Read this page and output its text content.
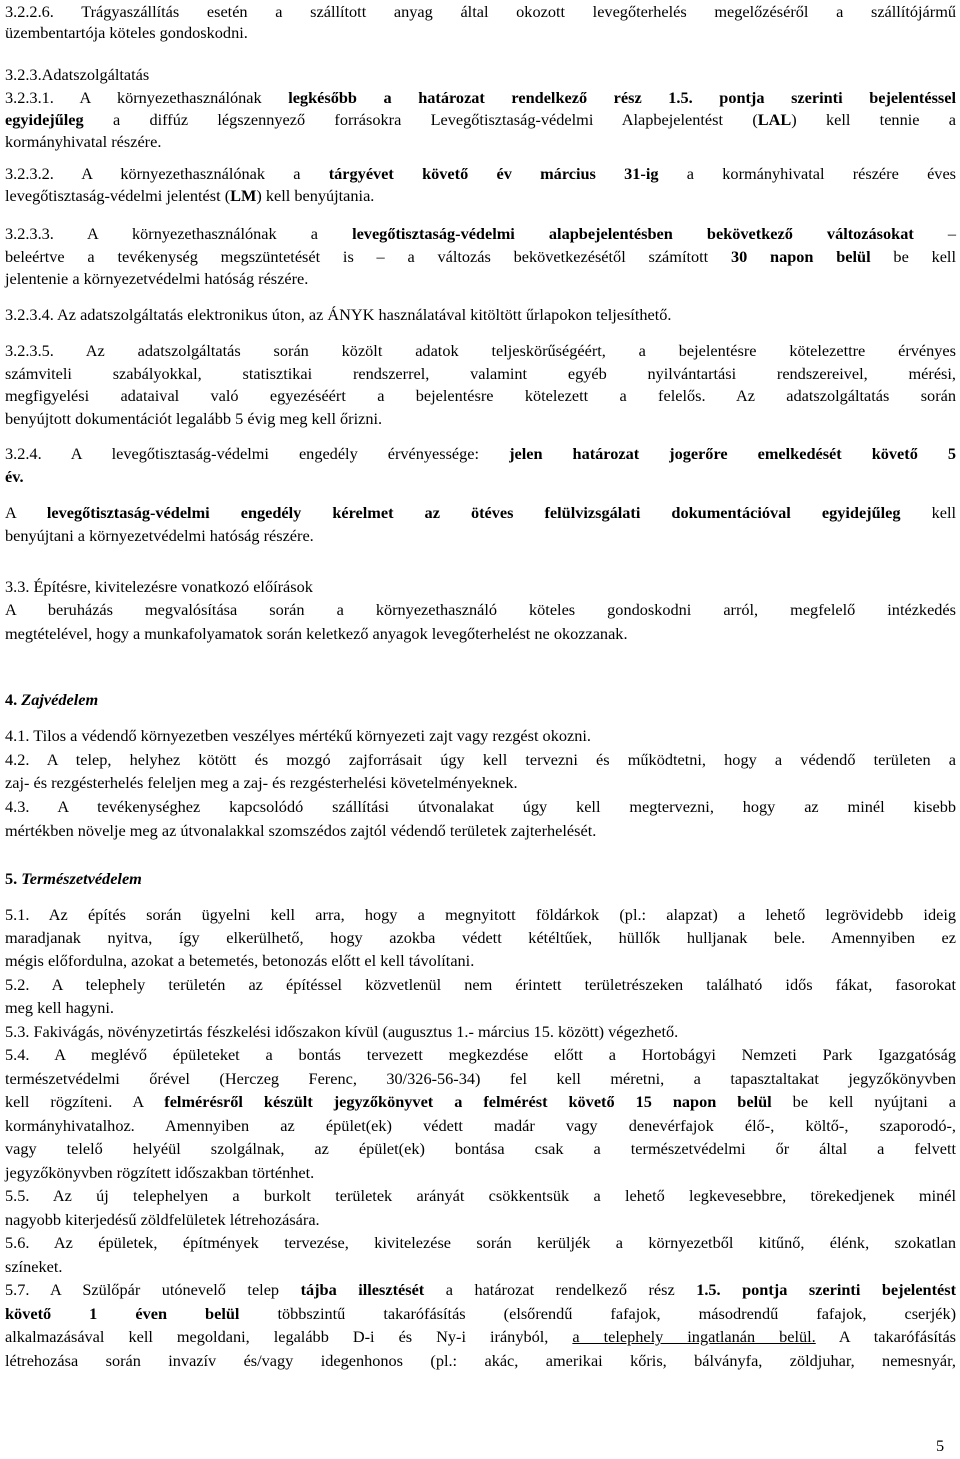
3.2.2.6. Trágyaszállítás esetén a szállított anyag által okozott levegőterhelés megelőzéséről a szállítójármű
üzembentartója köteles gondoskodni.
3.2.3.Adatszolgáltatás
3.2.3.1. A környezethasználónak legkésőbb a határozat rendelkező rész 1.5. pontja szerinti bejelentéssel
egyidejűleg a diffúz légszennyező forrásokra Levegőtisztaság-védelmi Alapbejelentést (LAL) kell tennie a
kormányhivatal részére.
3.2.3.2. A környezethasználónak a tárgyévet követő év március 31-ig a kormányhivatal részére éves
levegőtisztaság-védelmi jelentést (LM) kell benyújtania.
3.2.3.3. A környezethasználónak a levegőtisztaság-védelmi alapbejelentésben bekövetkező változásokat –
beleértve a tevékenység megszüntetését is – a változás bekövetkezésétől számított 30 napon belül be kell
jelentenie a környezetvédelmi hatóság részére.
3.2.3.4. Az adatszolgáltatás elektronikus úton, az ÁNYK használatával kitöltött űrlapokon teljesíthető.
3.2.3.5. Az adatszolgáltatás során közölt adatok teljeskörűségéért, a bejelentésre kötelezettre érvényes
számviteli szabályokkal, statisztikai rendszerrel, valamint egyéb nyilvántartási rendszereivel, mérési,
megfigyelési adataival való egyezéséért a bejelentésre kötelezett a felelős. Az adatszolgáltatás során
benyújtott dokumentációt legalább 5 évig meg kell őrizni.
3.2.4. A levegőtisztaság-védelmi engedély érvényessége: jelen határozat jogerőre emelkedését követő 5
év.
A levegőtisztaság-védelmi engedély kérelmet az ötéves felülvizsgálati dokumentációval egyidejűleg kell
benyújtani a környezetvédelmi hatóság részére.
3.3. Építésre, kivitelezésre vonatkozó előírások
A beruházás megvalósítása során a környezethasználó köteles gondoskodni arról, megfelelő intézkedés
megtételével, hogy a munkafolyamatok során keletkező anyagok levegőterhelést ne okozzanak.
4. Zajvédelem
4.1. Tilos a védendő környezetben veszélyes mértékű környezeti zajt vagy rezgést okozni.
4.2. A telep, helyhez kötött és mozgó zajforrásait úgy kell tervezni és működtetni, hogy a védendő területen a
zaj- és rezgésterhelés feleljen meg a zaj- és rezgésterhelési követelményeknek.
4.3. A tevékenységhez kapcsolódó szállítási útvonalakat úgy kell megtervezni, hogy az minél kisebb
mértékben növelje meg az útvonalakkal szomszédos zajtól védendő területek zajterhelését.
5. Természetvédelem
5.1. Az építés során ügyelni kell arra, hogy a megnyitott földárkok (pl.: alapzat) a lehető legrövidebb ideig
maradjanak nyitva, így elkerülhető, hogy azokba védett kétéltűek, hüllők hulljanak bele. Amennyiben ez
mégis előfordulna, azokat a betemetés, betonozás előtt el kell távolítani.
5.2. A telephely területén az építéssel közvetlenül nem érintett területrészeken található idős fákat, fasorokat
meg kell hagyni.
5.3. Fakivágás, növényzetirtás fészkelési időszakon kívül (augusztus 1.- március 15. között) végezhető.
5.4. A meglévő épületeket a bontás tervezett megkezdése előtt a Hortobágyi Nemzeti Park Igazgatóság
természetvédelmi őrével (Herczeg Ferenc, 30/326-56-34) fel kell méretni, a tapasztaltakat jegyzőkönyvben
kell rögzíteni. A felmérésről készült jegyzőkönyvet a felmérést követő 15 napon belül be kell nyújtani a
kormányhivatalhoz. Amennyiben az épület(ek) védett madár vagy denevérfajok élő-, költő-, szaporodó-,
vagy telelő helyéül szolgálnak, az épület(ek) bontása csak a természetvédelmi őr által a felvett
jegyzőkönyvben rögzített időszakban történhet.
5.5. Az új telephelyen a burkolt területek arányát csökkentsük a lehető legkevesebbre, törekedjenek minél
nagyobb kiterjedésű zöldfelületek létrehozására.
5.6. Az épületek, építmények tervezése, kivitelezése során kerüljék a környezetből kitűnő, élénk, szokatlan
színeket.
5.7. A Szülőpár utónevelő telep tájba illesztését a határozat rendelkező rész 1.5. pontja szerinti bejelentést
követő 1 éven belül többszintű takarófásítás (elsőrendű fafajok, másodrendű fafajok, cserjék)
alkalmazásával kell megoldani, legalább D-i és Ny-i irányból, a telephely ingatlanán belül. A takarófásítás
létrehozása során invazív és/vagy idegenhonos (pl.: akác, amerikai kőris, bálványfa, zöldjuhar, nemesnyár,
5
